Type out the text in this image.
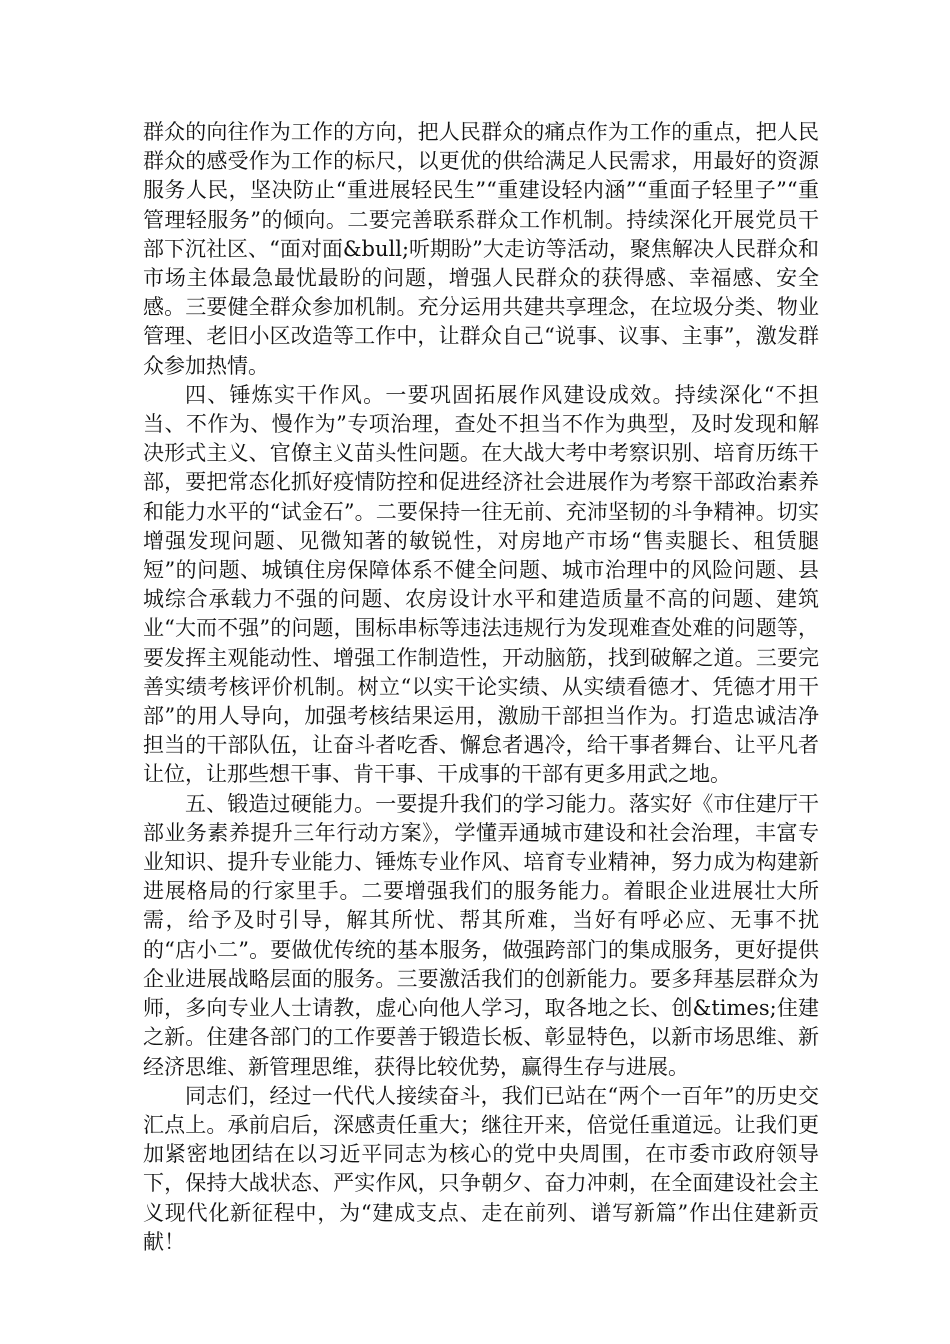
群众的向往作为工作的方向，把人民群众的痛点作为工作的重点，把人民群众的感受作为工作的标尺，以更优的供给满足人民需求，用最好的资源服务人民，坚决防止“重进展轻民生”“重建设轻内涵”“重面子轻里子”“重管理轻服务”的倾向。二要完善联系群众工作机制。持续深化开展党员干部下沉社区、“面对面&bull;听期盼”大走访等活动，聚焦解决人民群众和市场主体最急最忧最盼的问题，增强人民群众的获得感、幸福感、安全感。三要健全群众参加机制。充分运用共建共享理念，在垃圾分类、物业管理、老旧小区改造等工作中，让群众自己“说事、议事、主事”，激发群众参加热情。

四、锤炼实干作风。一要巩固拓展作风建设成效。持续深化“不担当、不作为、慢作为”专项治理，查处不担当不作为典型，及时发现和解决形式主义、官僚主义苗头性问题。在大战大考中考察识别、培育历练干部，要把常态化抓好疫情防控和促进经济社会进展作为考察干部政治素养和能力水平的“试金石”。二要保持一往无前、充沛坚韧的斗争精神。切实增强发现问题、见微知著的敏锐性，对房地产市场“售卖腿长、租赁腿短”的问题、城镇住房保障体系不健全问题、城市治理中的风险问题、县城综合承载力不强的问题、农房设计水平和建造质量不高的问题、建筑业“大而不强”的问题，围标串标等违法违规行为发现难查处难的问题等，要发挥主观能动性、增强工作制造性，开动脑筋，找到破解之道。三要完善实绩考核评价机制。树立“以实干论实绩、从实绩看德才、凭德才用干部”的用人导向，加强考核结果运用，激励干部担当作为。打造忠诚洁净担当的干部队伍，让奋斗者吃香、懈怠者遇冷，给干事者舞台、让平凡者让位，让那些想干事、肯干事、干成事的干部有更多用武之地。

五、锻造过硬能力。一要提升我们的学习能力。落实好《市住建厅干部业务素养提升三年行动方案》，学懂弄通城市建设和社会治理，丰富专业知识、提升专业能力、锤炼专业作风、培育专业精神，努力成为构建新进展格局的行家里手。二要增强我们的服务能力。着眼企业进展壮大所需，给予及时引导，解其所忧、帮其所难，当好有呼必应、无事不扰的“店小二”。要做优传统的基本服务，做强跨部门的集成服务，更好提供企业进展战略层面的服务。三要激活我们的创新能力。要多拜基层群众为师，多向专业人士请教，虚心向他人学习，取各地之长、创&times;住建之新。住建各部门的工作要善于锻造长板、彰显特色，以新市场思维、新经济思维、新管理思维，获得比较优势，赢得生存与进展。

同志们，经过一代代人接续奋斗，我们已站在“两个一百年”的历史交汇点上。承前启后，深感责任重大；继往开来，倍觉任重道远。让我们更加紧密地团结在以习近平同志为核心的党中央周围，在市委市政府领导下，保持大战状态、严实作风，只争朝夕、奋力冲刺，在全面建设社会主义现代化新征程中，为“建成支点、走在前列、谱写新篇”作出住建新贡献！
